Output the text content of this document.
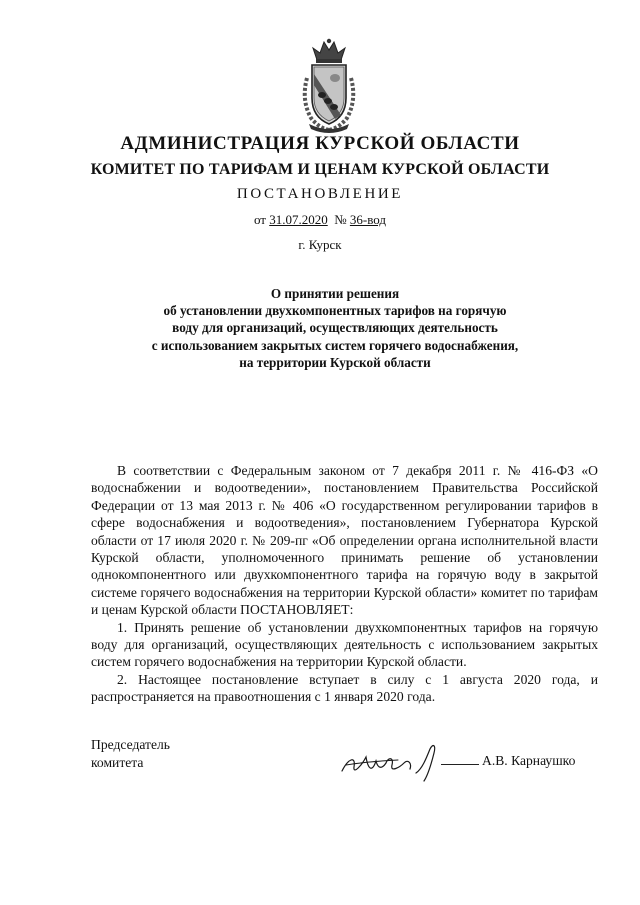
АДМИНИСТРАЦИЯ КУРСКОЙ ОБЛАСТИ
КОМИТЕТ ПО ТАРИФАМ И ЦЕНАМ КУРСКОЙ ОБЛАСТИ
ПОСТАНОВЛЕНИЕ
от 31.07.2020 № 36-вод
г. Курск
О принятии решения
об установлении двухкомпонентных тарифов на горячую
воду для организаций, осуществляющих деятельность
с использованием закрытых систем горячего водоснабжения,
на территории Курской области

В соответствии с Федеральным законом от 7 декабря 2011 г. № 416-ФЗ «О водоснабжении и водоотведении», постановлением Правительства Российской Федерации от 13 мая 2013 г. № 406 «О государственном регулировании тарифов в сфере водоснабжения и водоотведения», постановлением Губернатора Курской области от 17 июля 2020 г. № 209-пг «Об определении органа исполнительной власти Курской области, уполномоченного принимать решение об установлении однокомпонентного или двухкомпонентного тарифа на горячую воду в закрытой системе горячего водоснабжения на территории Курской области» комитет по тарифам и ценам Курской области ПОСТАНОВЛЯЕТ:

1. Принять решение об установлении двухкомпонентных тарифов на горячую воду для организаций, осуществляющих деятельность с использованием закрытых систем горячего водоснабжения на территории Курской области.

2. Настоящее постановление вступает в силу с 1 августа 2020 года, и распространяется на правоотношения с 1 января 2020 года.

Председатель
комитета	А.В. Карнаушко
